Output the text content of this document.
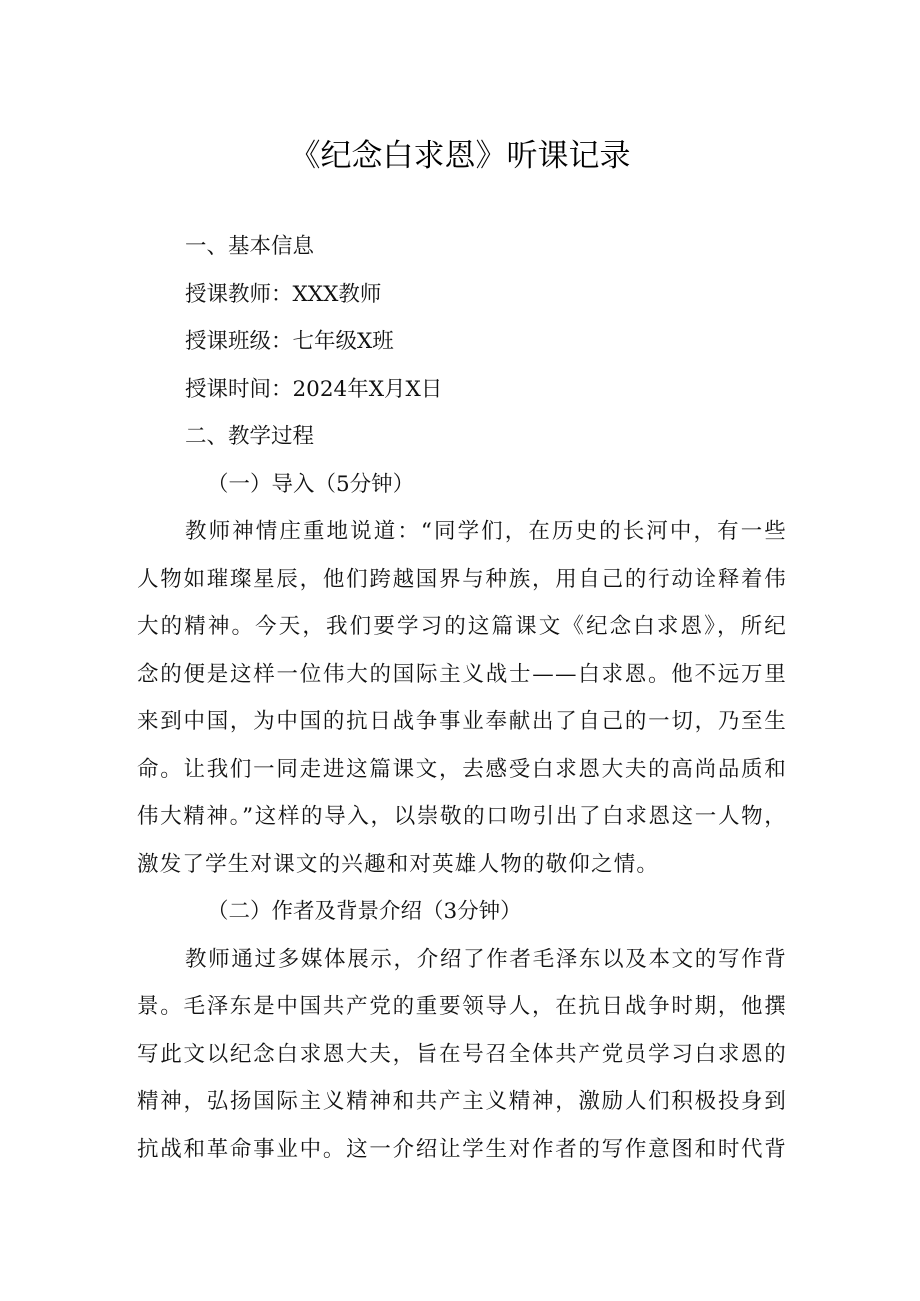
《纪念白求恩》听课记录
一、基本信息
授课教师：XXX教师
授课班级：七年级X班
授课时间：2024年X月X日
二、教学过程
（一）导入（5分钟）
教师神情庄重地说道：“同学们，在历史的长河中，有一些
人物如璀璨星辰，他们跨越国界与种族，用自己的行动诠释着伟
大的精神。今天，我们要学习的这篇课文《纪念白求恩》，所纪
念的便是这样一位伟大的国际主义战士——白求恩。他不远万里
来到中国，为中国的抗日战争事业奉献出了自己的一切，乃至生
命。让我们一同走进这篇课文，去感受白求恩大夫的高尚品质和
伟大精神。”这样的导入，以崇敬的口吻引出了白求恩这一人物，
激发了学生对课文的兴趣和对英雄人物的敬仰之情。
（二）作者及背景介绍（3分钟）
教师通过多媒体展示，介绍了作者毛泽东以及本文的写作背
景。毛泽东是中国共产党的重要领导人，在抗日战争时期，他撰
写此文以纪念白求恩大夫，旨在号召全体共产党员学习白求恩的
精神，弘扬国际主义精神和共产主义精神，激励人们积极投身到
抗战和革命事业中。这一介绍让学生对作者的写作意图和时代背
